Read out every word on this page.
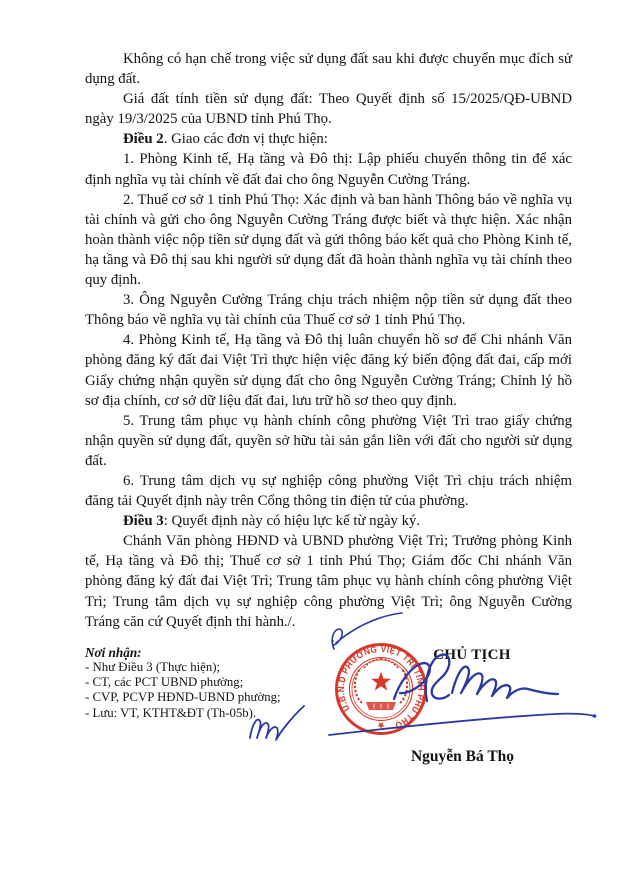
Không có hạn chế trong việc sử dụng đất sau khi được chuyển mục đích sử dụng đất.

Giá đất tính tiền sử dụng đất: Theo Quyết định số 15/2025/QĐ-UBND ngày 19/3/2025 của UBND tỉnh Phú Thọ.

Điều 2. Giao các đơn vị thực hiện:

1. Phòng Kinh tế, Hạ tầng và Đô thị: Lập phiếu chuyển thông tin để xác định nghĩa vụ tài chính về đất đai cho ông Nguyễn Cường Tráng.

2. Thuế cơ sở 1 tỉnh Phú Thọ: Xác định và ban hành Thông báo về nghĩa vụ tài chính và gửi cho ông Nguyễn Cường Tráng được biết và thực hiện. Xác nhận hoàn thành việc nộp tiền sử dụng đất và gửi thông báo kết quả cho Phòng Kinh tế, hạ tầng và Đô thị sau khi người sử dụng đất đã hoàn thành nghĩa vụ tài chính theo quy định.

3. Ông Nguyễn Cường Tráng chịu trách nhiệm nộp tiền sử dụng đất theo Thông báo về nghĩa vụ tài chính của Thuế cơ sở 1 tỉnh Phú Thọ.

4. Phòng Kinh tế, Hạ tầng và Đô thị luân chuyển hồ sơ để Chi nhánh Văn phòng đăng ký đất đai Việt Trì thực hiện việc đăng ký biến động đất đai, cấp mới Giấy chứng nhận quyền sử dụng đất cho ông Nguyễn Cường Tráng; Chỉnh lý hồ sơ địa chính, cơ sở dữ liệu đất đai, lưu trữ hồ sơ theo quy định.

5. Trung tâm phục vụ hành chính công phường Việt Trì trao giấy chứng nhận quyền sử dụng đất, quyền sở hữu tài sản gắn liền với đất cho người sử dụng đất.

6. Trung tâm dịch vụ sự nghiệp công phường Việt Trì chịu trách nhiệm đăng tải Quyết định này trên Cổng thông tin điện tử của phường.

Điều 3: Quyết định này có hiệu lực kể từ ngày ký.

Chánh Văn phòng HĐND và UBND phường Việt Trì; Trưởng phòng Kinh tế, Hạ tầng và Đô thị; Thuế cơ sở 1 tỉnh Phú Thọ; Giám đốc Chi nhánh Văn phòng đăng ký đất đai Việt Trì; Trung tâm phục vụ hành chính công phường Việt Trì; Trung tâm dịch vụ sự nghiệp công phường Việt Trì; ông Nguyễn Cường Tráng căn cứ Quyết định thi hành./.

Nơi nhận:
- Như Điều 3 (Thực hiện);
- CT, các PCT UBND phường;
- CVP, PCVP HĐND-UBND phường;
- Lưu: VT, KTHT&ĐT (Th-05b).
CHỦ TỊCH
Nguyễn Bá Thọ
U.B.N.D PHƯỜNG VIỆT TRÌ TỈNH PHÚ THỌ
★
